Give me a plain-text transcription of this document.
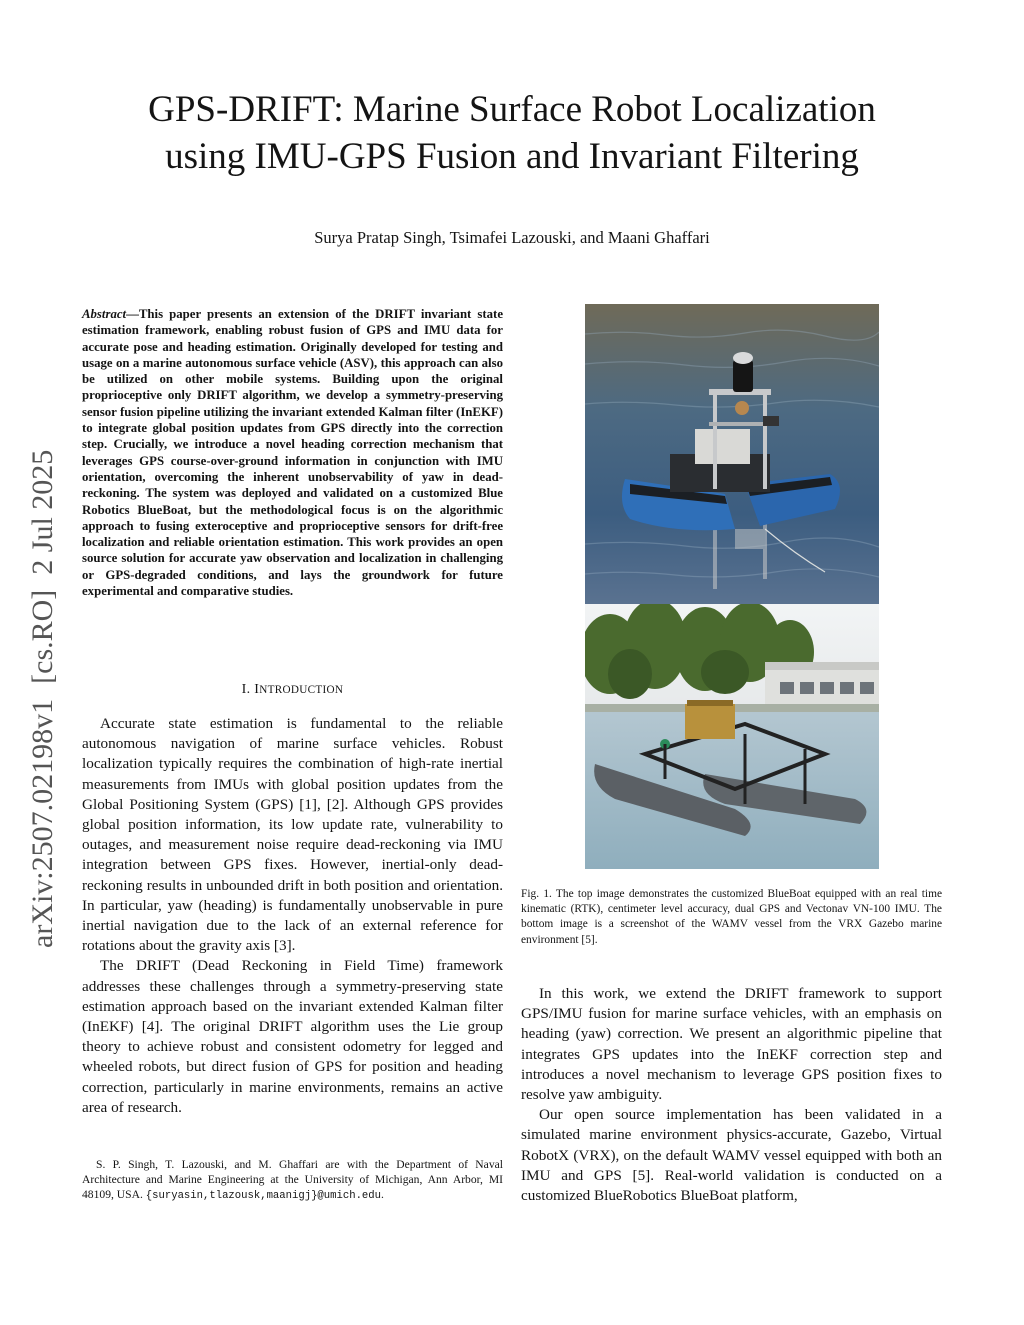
arXiv:2507.02198v1  [cs.RO]  2 Jul 2025
GPS-DRIFT: Marine Surface Robot Localization
using IMU-GPS Fusion and Invariant Filtering
Surya Pratap Singh, Tsimafei Lazouski, and Maani Ghaffari
Abstract—This paper presents an extension of the DRIFT invariant state estimation framework, enabling robust fusion of GPS and IMU data for accurate pose and heading estimation. Originally developed for testing and usage on a marine autonomous surface vehicle (ASV), this approach can also be utilized on other mobile systems. Building upon the original proprioceptive only DRIFT algorithm, we develop a symmetry-preserving sensor fusion pipeline utilizing the invariant extended Kalman filter (InEKF) to integrate global position updates from GPS directly into the correction step. Crucially, we introduce a novel heading correction mechanism that leverages GPS course-over-ground information in conjunction with IMU orientation, overcoming the inherent unobservability of yaw in dead-reckoning. The system was deployed and validated on a customized Blue Robotics BlueBoat, but the methodological focus is on the algorithmic approach to fusing exteroceptive and proprioceptive sensors for drift-free localization and reliable orientation estimation. This work provides an open source solution for accurate yaw observation and localization in challenging or GPS-degraded conditions, and lays the groundwork for future experimental and comparative studies.
I. INTRODUCTION

Accurate state estimation is fundamental to the reliable autonomous navigation of marine surface vehicles. Robust localization typically requires the combination of high-rate inertial measurements from IMUs with global position updates from the Global Positioning System (GPS) [1], [2]. Although GPS provides global position information, its low update rate, vulnerability to outages, and measurement noise require dead-reckoning via IMU integration between GPS fixes. However, inertial-only dead-reckoning results in unbounded drift in both position and orientation. In particular, yaw (heading) is fundamentally unobservable in pure inertial navigation due to the lack of an external reference for rotations about the gravity axis [3].

The DRIFT (Dead Reckoning in Field Time) framework addresses these challenges through a symmetry-preserving state estimation approach based on the invariant extended Kalman filter (InEKF) [4]. The original DRIFT algorithm uses the Lie group theory to achieve robust and consistent odometry for legged and wheeled robots, but direct fusion of GPS for position and heading correction, particularly in marine environments, remains an active area of research.

S. P. Singh, T. Lazouski, and M. Ghaffari are with the Department of Naval Architecture and Marine Engineering at the University of Michigan, Ann Arbor, MI 48109, USA. {suryasin,tlazousk,maanigj}@umich.edu.

Fig. 1. The top image demonstrates the customized BlueBoat equipped with an real time kinematic (RTK), centimeter level accuracy, dual GPS and Vectonav VN-100 IMU. The bottom image is a screenshot of the WAMV vessel from the VRX Gazebo marine environment [5].

In this work, we extend the DRIFT framework to support GPS/IMU fusion for marine surface vehicles, with an emphasis on heading (yaw) correction. We present an algorithmic pipeline that integrates GPS updates into the InEKF correction step and introduces a novel mechanism to leverage GPS position fixes to resolve yaw ambiguity.

Our open source implementation has been validated in a simulated marine environment physics-accurate, Gazebo, Virtual RobotX (VRX), on the default WAMV vessel equipped with both an IMU and GPS [5]. Real-world validation is conducted on a customized BlueRobotics BlueBoat platform,
